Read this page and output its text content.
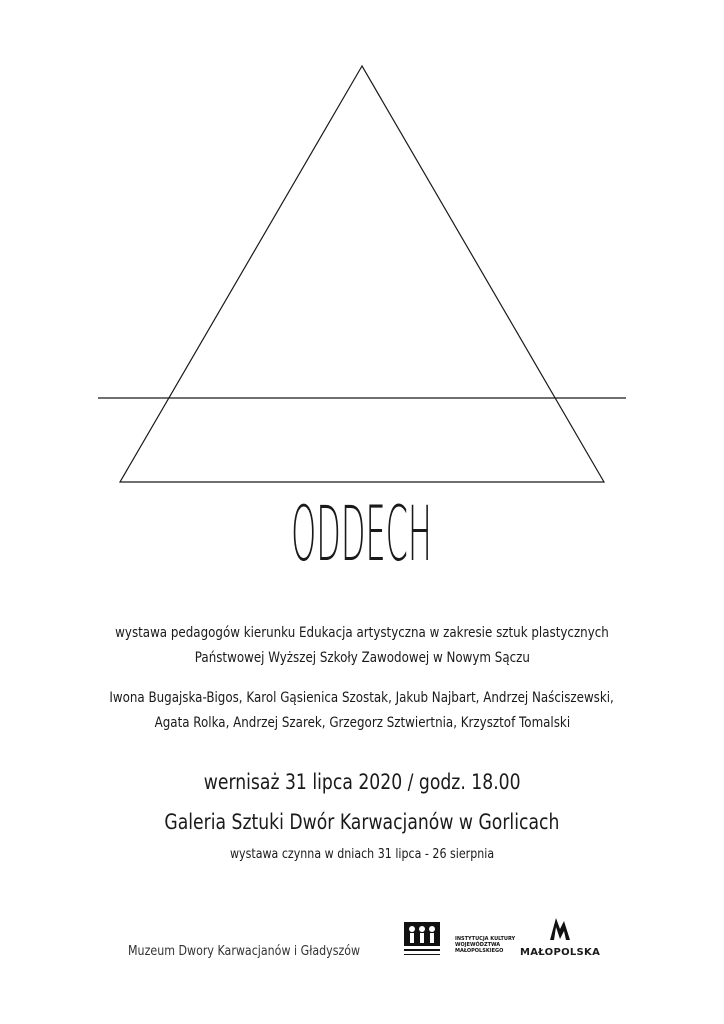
ODDECH
wystawa pedagogów kierunku Edukacja artystyczna w zakresie sztuk plastycznych
Państwowej Wyższej Szkoły Zawodowej w Nowym Sączu
Iwona Bugajska-Bigos, Karol Gąsienica Szostak, Jakub Najbart, Andrzej Naściszewski,
Agata Rolka, Andrzej Szarek, Grzegorz Sztwiertnia, Krzysztof Tomalski
wernisaż 31 lipca 2020 / godz. 18.00
Galeria Sztuki Dwór Karwacjanów w Gorlicach
wystawa czynna w dniach 31 lipca - 26 sierpnia
Muzeum Dwory Karwacjanów i Gładyszów
INSTYTUCJA KULTURY
WOJEWÓDZTWA
MAŁOPOLSKIEGO	MAŁOPOLSKA
